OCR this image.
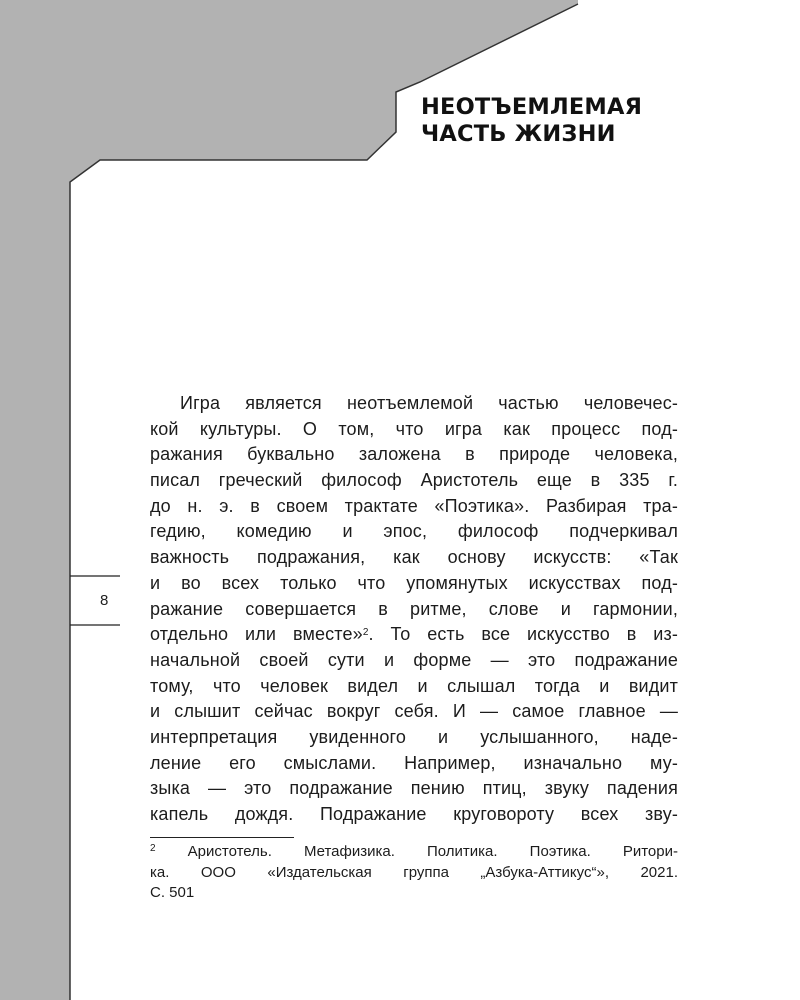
НЕОТЪЕМЛЕМАЯ
ЧАСТЬ ЖИЗНИ
8
Игра является неотъемлемой частью человечес-
кой культуры. О том, что игра как процесс под-
ражания буквально заложена в природе человека,
писал греческий философ Аристотель еще в 335 г.
до н. э. в своем трактате «Поэтика». Разбирая тра-
гедию, комедию и эпос, философ подчеркивал
важность подражания, как основу искусств: «Так
и во всех только что упомянутых искусствах под-
ражание совершается в ритме, слове и гармонии,
отдельно или вместе»$^2$. То есть все искусство в из-
начальной своей сути и форме — это подражание
тому, что человек видел и слышал тогда и видит
и слышит сейчас вокруг себя. И — самое главное —
интерпретация увиденного и услышанного, наде-
ление его смыслами. Например, изначально му-
зыка — это подражание пению птиц, звуку падения
капель дождя. Подражание круговороту всех зву-
$^2$ Аристотель. Метафизика. Политика. Поэтика. Ритори-
ка. ООО «Издательская группа „Азбука-Аттикус“», 2021.
С. 501
